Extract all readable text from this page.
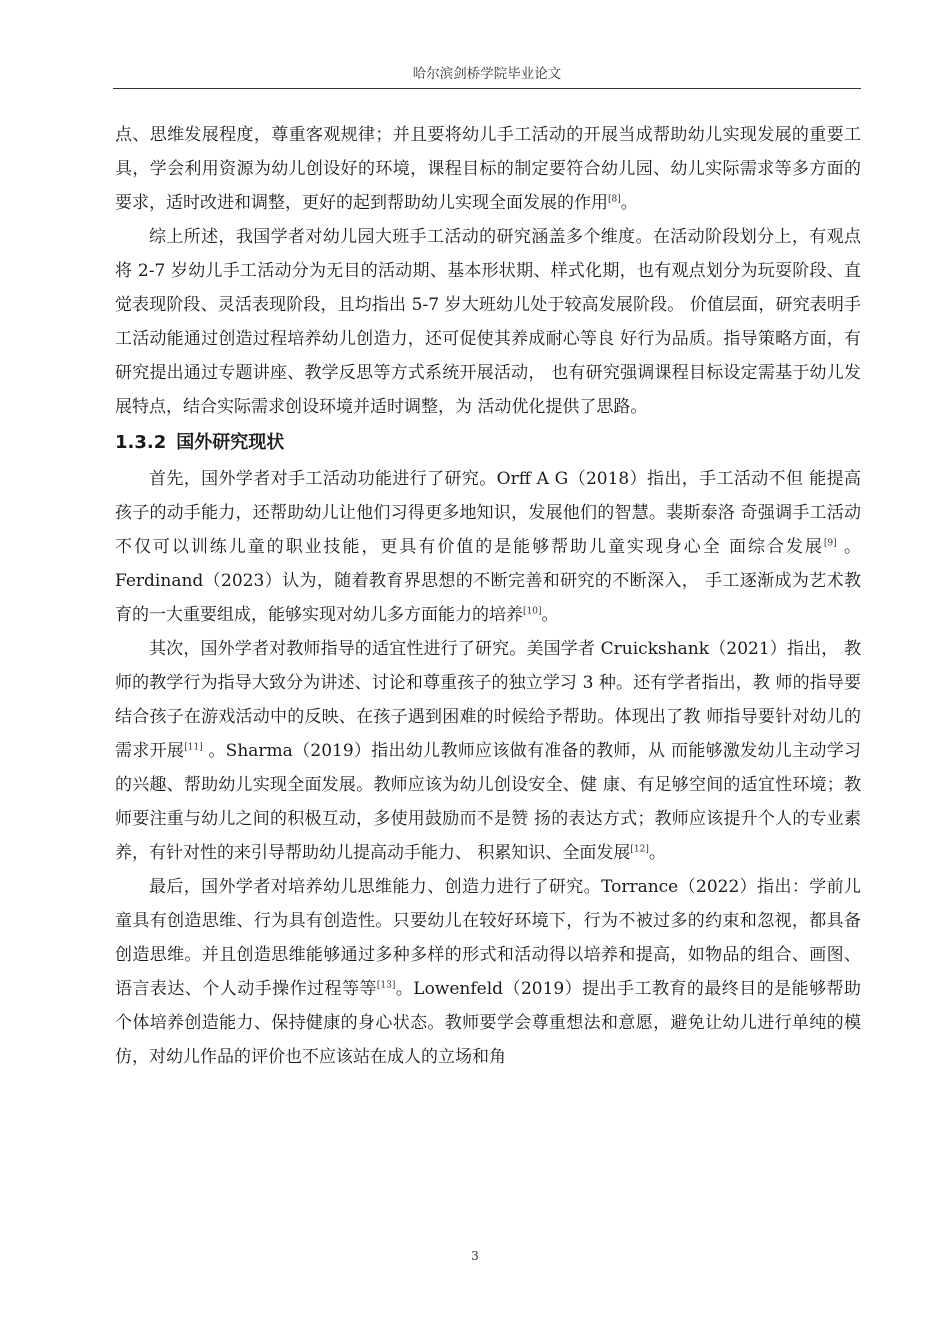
哈尔滨剑桥学院毕业论文

点、思维发展程度，尊重客观规律；并且要将幼儿手工活动的开展当成帮助幼儿实现发展的重要工具，学会利用资源为幼儿创设好的环境，课程目标的制定要符合幼儿园、幼儿实际需求等多方面的要求，适时改进和调整，更好的起到帮助幼儿实现全面发展的作用[8]。

综上所述，我国学者对幼儿园大班手工活动的研究涵盖多个维度。在活动阶段划分上，有观点将 2-7 岁幼儿手工活动分为无目的活动期、基本形状期、样式化期，也有观点划分为玩耍阶段、直觉表现阶段、灵活表现阶段，且均指出 5-7 岁大班幼儿处于较高发展阶段。 价值层面，研究表明手工活动能通过创造过程培养幼儿创造力，还可促使其养成耐心等良 好行为品质。指导策略方面，有研究提出通过专题讲座、教学反思等方式系统开展活动， 也有研究强调课程目标设定需基于幼儿发展特点，结合实际需求创设环境并适时调整，为 活动优化提供了思路。

1.3.2 国外研究现状

首先，国外学者对手工活动功能进行了研究。Orff A G（2018）指出，手工活动不但 能提高孩子的动手能力，还帮助幼儿让他们习得更多地知识，发展他们的智慧。裴斯泰洛 奇强调手工活动不仅可以训练儿童的职业技能，更具有价值的是能够帮助儿童实现身心全 面综合发展[9] 。Ferdinand（2023）认为，随着教育界思想的不断完善和研究的不断深入， 手工逐渐成为艺术教育的一大重要组成，能够实现对幼儿多方面能力的培养[10]。

其次，国外学者对教师指导的适宜性进行了研究。美国学者 Cruickshank（2021）指出， 教师的教学行为指导大致分为讲述、讨论和尊重孩子的独立学习 3 种。还有学者指出，教 师的指导要结合孩子在游戏活动中的反映、在孩子遇到困难的时候给予帮助。体现出了教 师指导要针对幼儿的需求开展[11] 。Sharma（2019）指出幼儿教师应该做有准备的教师，从 而能够激发幼儿主动学习的兴趣、帮助幼儿实现全面发展。教师应该为幼儿创设安全、健 康、有足够空间的适宜性环境；教师要注重与幼儿之间的积极互动，多使用鼓励而不是赞 扬的表达方式；教师应该提升个人的专业素养，有针对性的来引导帮助幼儿提高动手能力、 积累知识、全面发展[12]。

最后，国外学者对培养幼儿思维能力、创造力进行了研究。Torrance（2022）指出：学前儿童具有创造思维、行为具有创造性。只要幼儿在较好环境下，行为不被过多的约束和忽视，都具备创造思维。并且创造思维能够通过多种多样的形式和活动得以培养和提高，如物品的组合、画图、语言表达、个人动手操作过程等等[13]。Lowenfeld（2019）提出手工教育的最终目的是能够帮助个体培养创造能力、保持健康的身心状态。教师要学会尊重想法和意愿，避免让幼儿进行单纯的模仿，对幼儿作品的评价也不应该站在成人的立场和角

3
